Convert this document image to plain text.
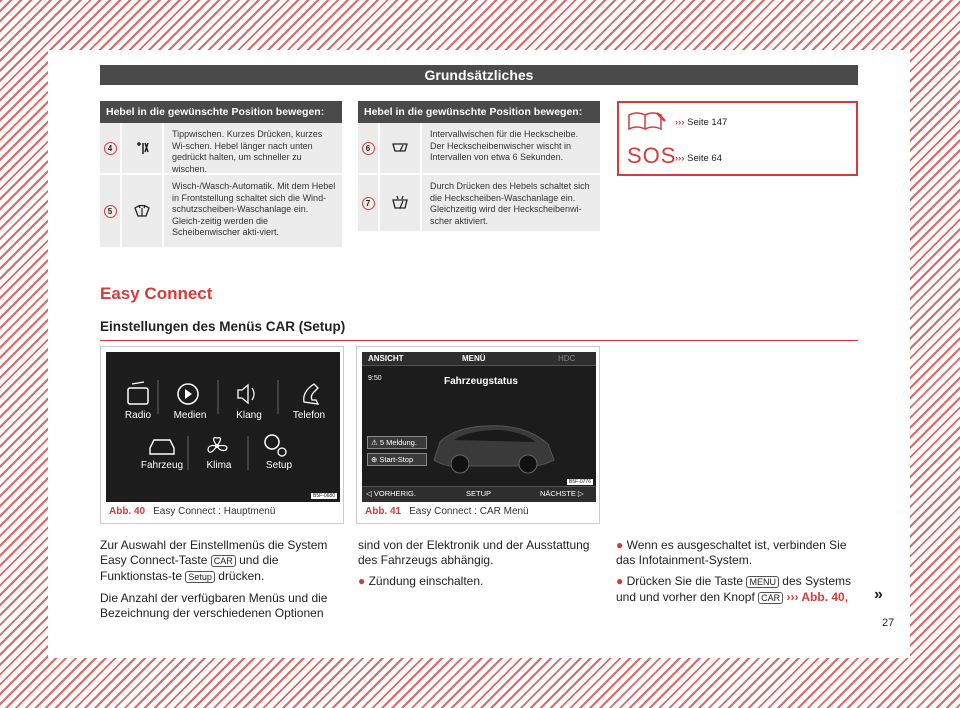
Grundsätzliches
Hebel in die gewünschte Position bewegen:
4
Tippwischen. Kurzes Drücken, kurzes Wi-schen. Hebel länger nach unten gedrückt halten, um schneller zu wischen.
5
Wisch-/Wasch-Automatik. Mit dem Hebel in Frontstellung schaltet sich die Wind-schutzscheiben-Waschanlage ein. Gleich-zeitig werden die Scheibenwischer akti-viert.
Hebel in die gewünschte Position bewegen:
6
Intervallwischen für die Heckscheibe. Der Heckscheibenwischer wischt in Intervallen von etwa 6 Sekunden.
7
Durch Drücken des Hebels schaltet sich die Heckscheiben-Waschanlage ein. Gleichzeitig wird der Heckscheibenwi-scher aktiviert.
››› Seite 147
SOS
››› Seite 64
Easy Connect
Einstellungen des Menüs CAR (Setup)
Radio	Medien	Klang	Telefon
Fahrzeug	Klima	Setup
B5F-0680
Abb. 40 Easy Connect : Hauptmenü
ANSICHT	MENÜ	HDC
9:50	Fahrzeugstatus
⚠ 5 Meldung.
⊕ Start-Stop
◁ VORHERIG.	SETUP	NÄCHSTE ▷
B5F-0776
Abb. 41 Easy Connect : CAR Menü

Zur Auswahl der Einstellmenüs die System Easy Connect-Taste CAR und die Funktionstas-te Setup drücken.

Die Anzahl der verfügbaren Menüs und die Bezeichnung der verschiedenen Optionen

sind von der Elektronik und der Ausstattung des Fahrzeugs abhängig.

● Zündung einschalten.

● Wenn es ausgeschaltet ist, verbinden Sie das Infotainment-System.

● Drücken Sie die Taste MENU des Systems und und vorher den Knopf CAR ››› Abb. 40,	»
27
